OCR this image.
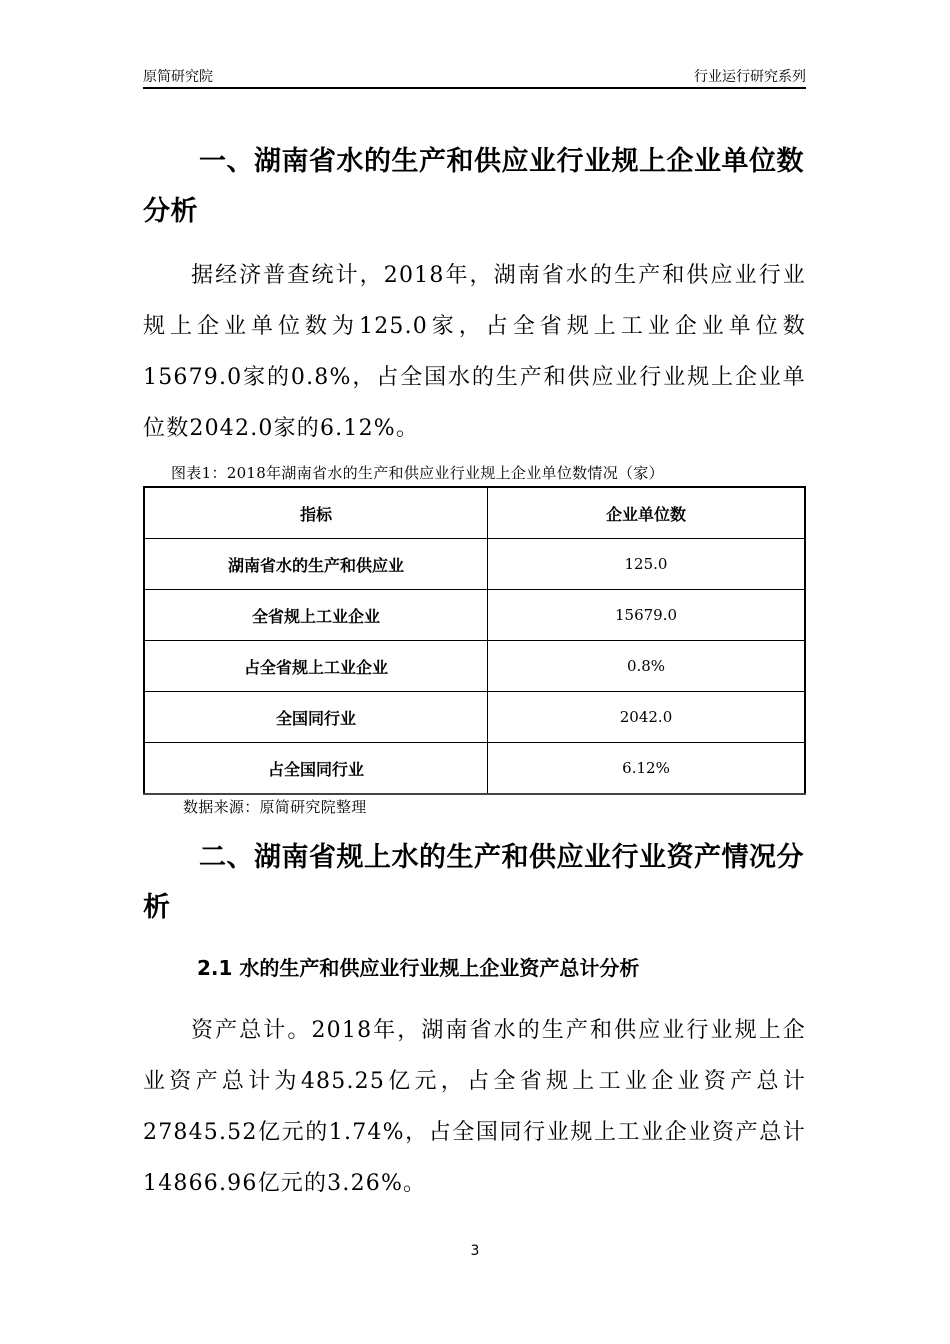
原简研究院	行业运行研究系列
一、湖南省水的生产和供应业行业规上企业单位数分析

据经济普查统计，2018年，湖南省水的生产和供应业行业规上企业单位数为125.0家，占全省规上工业企业单位数15679.0家的0.8%，占全国水的生产和供应业行业规上企业单位数2042.0家的6.12%。

图表1：2018年湖南省水的生产和供应业行业规上企业单位数情况（家）
指标	企业单位数
湖南省水的生产和供应业	125.0
全省规上工业企业	15679.0
占全省规上工业企业	0.8%
全国同行业	2042.0
占全国同行业	6.12%
数据来源：原简研究院整理
二、湖南省规上水的生产和供应业行业资产情况分析
2.1 水的生产和供应业行业规上企业资产总计分析

资产总计。2018年，湖南省水的生产和供应业行业规上企业资产总计为485.25亿元，占全省规上工业企业资产总计27845.52亿元的1.74%，占全国同行业规上工业企业资产总计14866.96亿元的3.26%。

3
